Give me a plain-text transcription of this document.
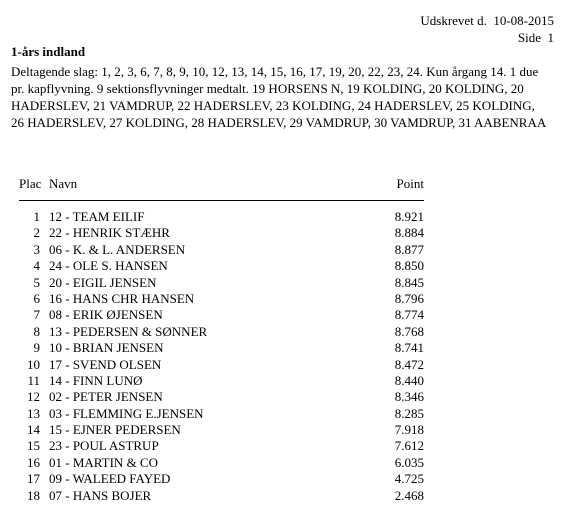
Udskrevet d. 10-08-2015
Side 1
1-års indland
Deltagende slag: 1, 2, 3, 6, 7, 8, 9, 10, 12, 13, 14, 15, 16, 17, 19, 20, 22, 23, 24. Kun årgang 14. 1 due pr. kapflyvning. 9 sektionsflyvninger medtalt. 19 HORSENS N, 19 KOLDING, 20 KOLDING, 20 HADERSLEV, 21 VAMDRUP, 22 HADERSLEV, 23 KOLDING, 24 HADERSLEV, 25 KOLDING, 26 HADERSLEV, 27 KOLDING, 28 HADERSLEV, 29 VAMDRUP, 30 VAMDRUP, 31 AABENRAA
Plac Navn	Point
1 12 - TEAM EILIF	8.921
2 22 - HENRIK STÆHR	8.884
3 06 - K. & L. ANDERSEN	8.877
4 24 - OLE S. HANSEN	8.850
5 20 - EIGIL JENSEN	8.845
6 16 - HANS CHR HANSEN	8.796
7 08 - ERIK ØJENSEN	8.774
8 13 - PEDERSEN & SØNNER	8.768
9 10 - BRIAN JENSEN	8.741
10 17 - SVEND OLSEN	8.472
11 14 - FINN LUNØ	8.440
12 02 - PETER JENSEN	8.346
13 03 - FLEMMING E.JENSEN	8.285
14 15 - EJNER PEDERSEN	7.918
15 23 - POUL ASTRUP	7.612
16 01 - MARTIN & CO	6.035
17 09 - WALEED FAYED	4.725
18 07 - HANS BOJER	2.468
